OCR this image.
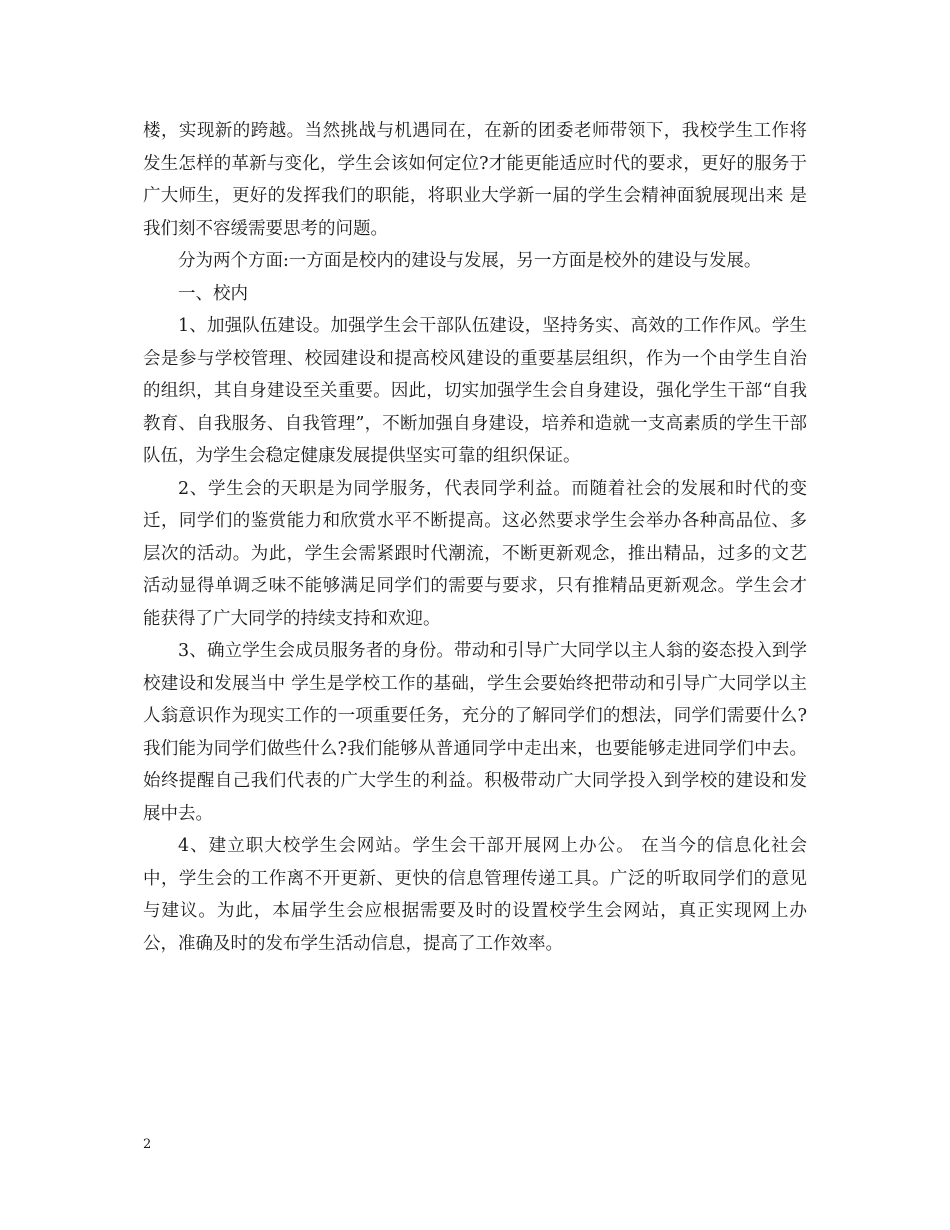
楼，实现新的跨越。当然挑战与机遇同在，在新的团委老师带领下，我校学生工作将发生怎样的革新与变化，学生会该如何定位?才能更能适应时代的要求，更好的服务于广大师生，更好的发挥我们的职能，将职业大学新一届的学生会精神面貌展现出来 是我们刻不容缓需要思考的问题。

分为两个方面:一方面是校内的建设与发展，另一方面是校外的建设与发展。

一、校内

1、加强队伍建设。加强学生会干部队伍建设，坚持务实、高效的工作作风。学生会是参与学校管理、校园建设和提高校风建设的重要基层组织，作为一个由学生自治的组织，其自身建设至关重要。因此，切实加强学生会自身建设，强化学生干部“自我教育、自我服务、自我管理”，不断加强自身建设，培养和造就一支高素质的学生干部队伍，为学生会稳定健康发展提供坚实可靠的组织保证。

2、学生会的天职是为同学服务，代表同学利益。而随着社会的发展和时代的变迁，同学们的鉴赏能力和欣赏水平不断提高。这必然要求学生会举办各种高品位、多层次的活动。为此，学生会需紧跟时代潮流，不断更新观念，推出精品，过多的文艺活动显得单调乏味不能够满足同学们的需要与要求，只有推精品更新观念。学生会才能获得了广大同学的持续支持和欢迎。

3、确立学生会成员服务者的身份。带动和引导广大同学以主人翁的姿态投入到学校建设和发展当中 学生是学校工作的基础，学生会要始终把带动和引导广大同学以主人翁意识作为现实工作的一项重要任务，充分的了解同学们的想法，同学们需要什么?我们能为同学们做些什么?我们能够从普通同学中走出来，也要能够走进同学们中去。始终提醒自己我们代表的广大学生的利益。积极带动广大同学投入到学校的建设和发展中去。

4、建立职大校学生会网站。学生会干部开展网上办公。 在当今的信息化社会中，学生会的工作离不开更新、更快的信息管理传递工具。广泛的听取同学们的意见与建议。为此，本届学生会应根据需要及时的设置校学生会网站，真正实现网上办公，准确及时的发布学生活动信息，提高了工作效率。

2
